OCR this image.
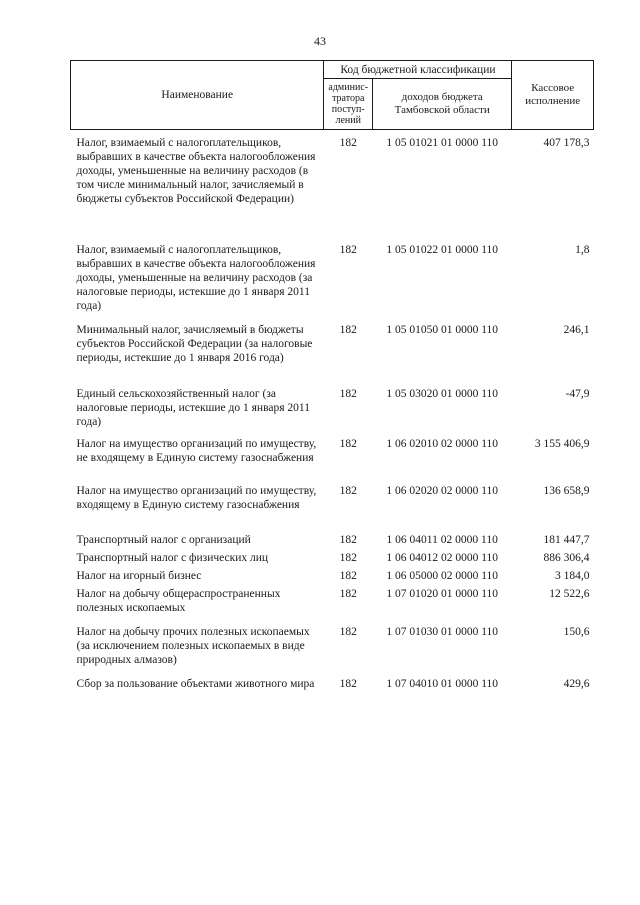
43
Наименование	Код бюджетной классификации		Кассовое исполнение
	админис-тратора поступ-лений	доходов бюджета Тамбовской области	
Налог, взимаемый с налогоплательщиков, выбравших в качестве объекта налогообложения доходы, уменьшенные на величину расходов (в том числе минимальный налог, зачисляемый в бюджеты субъектов Российской Федерации)	182	1 05 01021 01 0000 110	407 178,3
Налог, взимаемый с налогоплательщиков, выбравших в качестве объекта налогообложения доходы, уменьшенные на величину расходов (за налоговые периоды, истекшие до 1 января 2011 года)	182	1 05 01022 01 0000 110	1,8
Минимальный налог, зачисляемый в бюджеты субъектов Российской Федерации (за налоговые периоды, истекшие до 1 января 2016 года)	182	1 05 01050 01 0000 110	246,1
Единый сельскохозяйственный налог (за налоговые периоды, истекшие до 1 января 2011 года)	182	1 05 03020 01 0000 110	-47,9
Налог на имущество организаций по имуществу, не входящему в Единую систему газоснабжения	182	1 06 02010 02 0000 110	3 155 406,9
Налог на имущество организаций по имуществу, входящему в Единую систему газоснабжения	182	1 06 02020 02 0000 110	136 658,9
Транспортный налог с организаций	182	1 06 04011 02 0000 110	181 447,7
Транспортный налог с физических лиц	182	1 06 04012 02 0000 110	886 306,4
Налог на игорный бизнес	182	1 06 05000 02 0000 110	3 184,0
Налог на добычу общераспространенных полезных ископаемых	182	1 07 01020 01 0000 110	12 522,6
Налог на добычу прочих полезных ископаемых (за исключением полезных ископаемых в виде природных алмазов)	182	1 07 01030 01 0000 110	150,6
Сбор за пользование объектами животного мира	182	1 07 04010 01 0000 110	429,6
